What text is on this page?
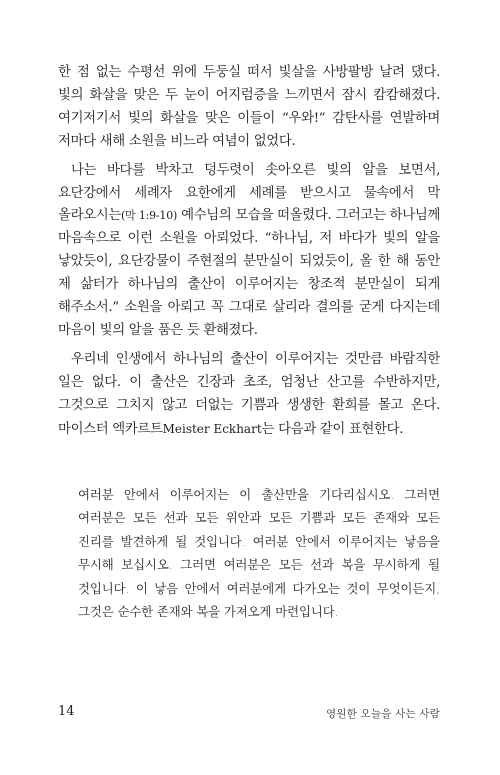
한 점 없는 수평선 위에 두둥실 떠서 빛살을 사방팔방 날려 댔다. 빛의 화살을 맞은 두 눈이 어지럼증을 느끼면서 잠시 캄캄해졌다. 여기저기서 빛의 화살을 맞은 이들이 “우와!” 감탄사를 연발하며 저마다 새해 소원을 비느라 여념이 없었다.

나는 바다를 박차고 덩두렷이 솟아오른 빛의 알을 보면서, 요단강에서 세례자 요한에게 세례를 받으시고 물속에서 막 올라오시는(막 1:9-10) 예수님의 모습을 떠올렸다. 그러고는 하나님께 마음속으로 이런 소원을 아뢰었다. “하나님, 저 바다가 빛의 알을 낳았듯이, 요단강물이 주현절의 분만실이 되었듯이, 올 한 해 동안 제 삶터가 하나님의 출산이 이루어지는 창조적 분만실이 되게 해주소서.” 소원을 아뢰고 꼭 그대로 살리라 결의를 굳게 다지는데 마음이 빛의 알을 품은 듯 환해졌다.

우리네 인생에서 하나님의 출산이 이루어지는 것만큼 바람직한 일은 없다. 이 출산은 긴장과 초조, 엄청난 산고를 수반하지만, 그것으로 그치지 않고 더없는 기쁨과 생생한 환희를 몰고 온다. 마이스터 엑카르트Meister Eckhart는 다음과 같이 표현한다.

여러분 안에서 이루어지는 이 출산만을 기다리십시오. 그러면 여러분은 모든 선과 모든 위안과 모든 기쁨과 모든 존재와 모든 진리를 발견하게 될 것입니다. 여러분 안에서 이루어지는 낳음을 무시해 보십시오. 그러면 여러분은 모든 선과 복을 무시하게 될 것입니다. 이 낳음 안에서 여러분에게 다가오는 것이 무엇이든지, 그것은 순수한 존재와 복을 가져오게 마련입니다.

14	영원한 오늘을 사는 사람
